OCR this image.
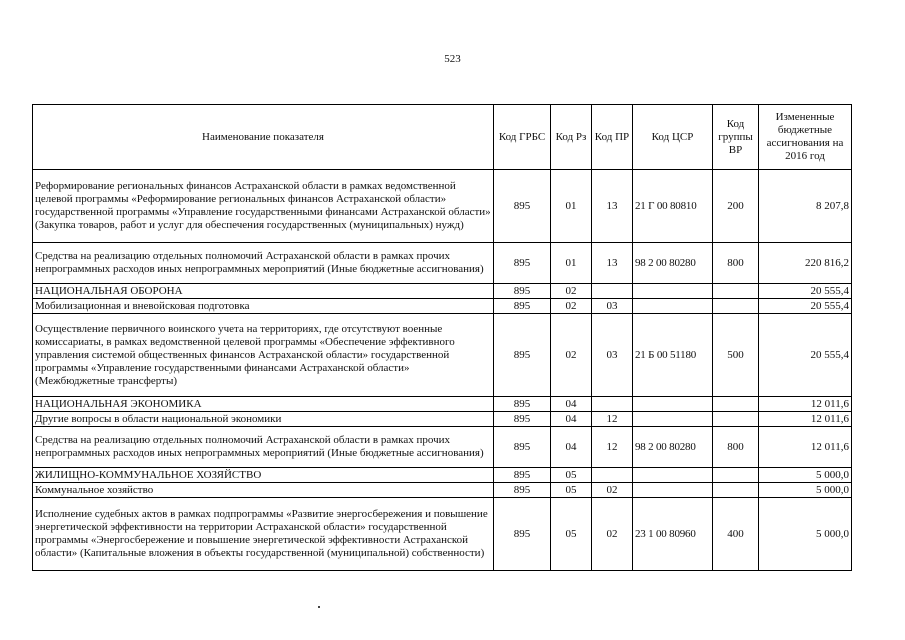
523
Наименование показателя	Код ГРБС	Код Рз	Код ПР	Код ЦСР	Код группы ВР	Измененные бюджетные ассигнования на 2016 год
Реформирование региональных финансов Астраханской области в рамках ведомственной целевой программы «Реформирование региональных финансов Астраханской области» государственной программы «Управление государственными финансами Астраханской области» (Закупка товаров, работ и услуг для обеспечения государственных (муниципальных) нужд)	895	01	13	21 Г 00 80810	200	8 207,8
Средства на реализацию отдельных полномочий Астраханской области в рамках прочих непрограммных расходов иных непрограммных мероприятий (Иные бюджетные ассигнования)	895	01	13	98 2 00 80280	800	220 816,2
НАЦИОНАЛЬНАЯ ОБОРОНА	895	02				20 555,4
Мобилизационная и вневойсковая подготовка	895	02	03			20 555,4
Осуществление первичного воинского учета на территориях, где отсутствуют военные комиссариаты, в рамках ведомственной целевой программы «Обеспечение эффективного управления системой общественных финансов Астраханской области» государственной программы «Управление государственными финансами Астраханской области» (Межбюджетные трансферты)	895	02	03	21 Б 00 51180	500	20 555,4
НАЦИОНАЛЬНАЯ ЭКОНОМИКА	895	04				12 011,6
Другие вопросы в области национальной экономики	895	04	12			12 011,6
Средства на реализацию отдельных полномочий Астраханской области в рамках прочих непрограммных расходов иных непрограммных мероприятий (Иные бюджетные ассигнования)	895	04	12	98 2 00 80280	800	12 011,6
ЖИЛИЩНО-КОММУНАЛЬНОЕ ХОЗЯЙСТВО	895	05				5 000,0
Коммунальное хозяйство	895	05	02			5 000,0
Исполнение судебных актов в рамках подпрограммы «Развитие энергосбережения и повышение энергетической эффективности на территории Астраханской области» государственной программы «Энергосбережение и повышение энергетической эффективности Астраханской области» (Капитальные вложения в объекты государственной (муниципальной) собственности)	895	05	02	23 1 00 80960	400	5 000,0
